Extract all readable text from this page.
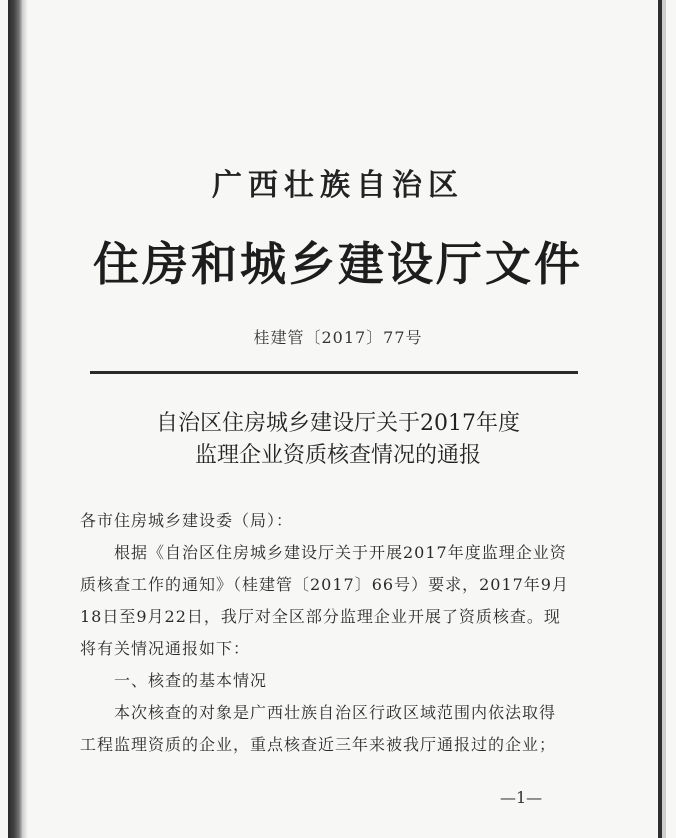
广西壮族自治区
住房和城乡建设厅文件
桂建管〔2017〕77号
自治区住房城乡建设厅关于2017年度
监理企业资质核查情况的通报

各市住房城乡建设委（局）：

根据《自治区住房城乡建设厅关于开展2017年度监理企业资

质核查工作的通知》（桂建管〔2017〕66号）要求，2017年9月

18日至9月22日，我厅对全区部分监理企业开展了资质核查。现

将有关情况通报如下：

一、核查的基本情况

本次核查的对象是广西壮族自治区行政区域范围内依法取得

工程监理资质的企业，重点核查近三年来被我厅通报过的企业；

—1—
